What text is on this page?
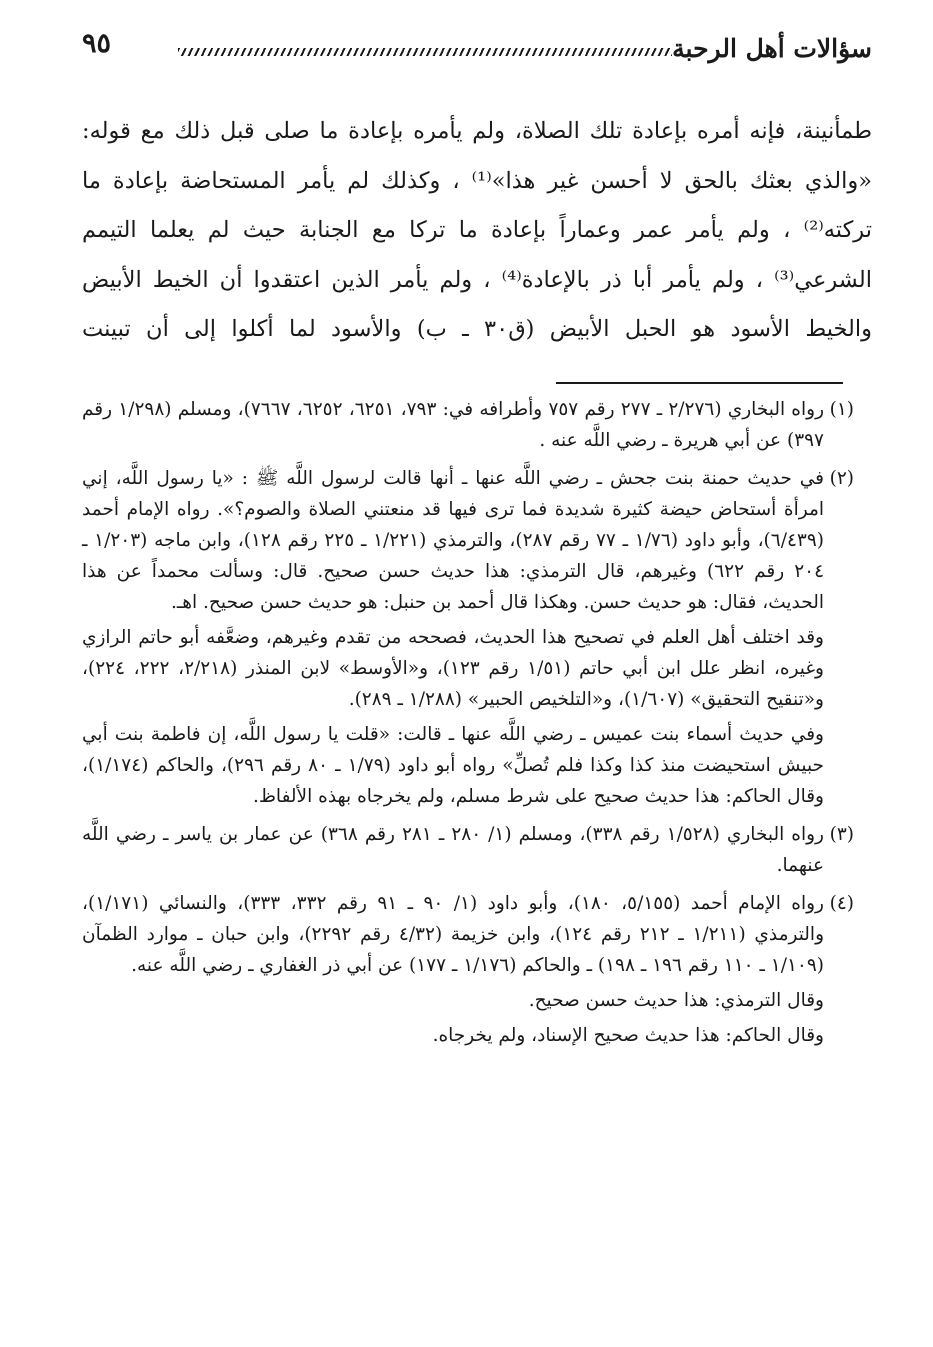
سؤالات أهل الرحبة
٩٥

طمأنينة، فإنه أمره بإعادة تلك الصلاة، ولم يأمره بإعادة ما صلى قبل ذلك مع قوله:

«والذي بعثك بالحق لا أحسن غير هذا»⁽¹⁾ ، وكذلك لم يأمر المستحاضة بإعادة ما

تركته⁽²⁾ ، ولم يأمر عمر وعماراً بإعادة ما تركا مع الجنابة حيث لم يعلما التيمم

الشرعي⁽³⁾ ، ولم يأمر أبا ذر بالإعادة⁽⁴⁾ ، ولم يأمر الذين اعتقدوا أن الخيط الأبيض

والخيط الأسود هو الحبل الأبيض (ق٣٠ ـ ب) والأسود لما أكلوا إلى أن تبينت

(١)

رواه البخاري (٢/٢٧٦ ـ ٢٧٧ رقم ٧٥٧ وأطرافه في: ٧٩٣، ٦٢٥١، ٦٢٥٢، ٧٦٦٧)، ومسلم (١/٢٩٨ رقم ٣٩٧) عن أبي هريرة ـ رضي اللَّه عنه .

(٢)

في حديث حمنة بنت جحش ـ رضي اللَّه عنها ـ أنها قالت لرسول اللَّه ﷺ : «يا رسول اللَّه، إني امرأة أستحاض حيضة كثيرة شديدة فما ترى فيها قد منعتني الصلاة والصوم؟». رواه الإمام أحمد (٦/٤٣٩)، وأبو داود (١/٧٦ ـ ٧٧ رقم ٢٨٧)، والترمذي (١/٢٢١ ـ ٢٢٥ رقم ١٢٨)، وابن ماجه (١/٢٠٣ ـ ٢٠٤ رقم ٦٢٢) وغيرهم، قال الترمذي: هذا حديث حسن صحيح. قال: وسألت محمداً عن هذا الحديث، فقال: هو حديث حسن. وهكذا قال أحمد بن حنبل: هو حديث حسن صحيح. اهـ.

وقد اختلف أهل العلم في تصحيح هذا الحديث، فصححه من تقدم وغيرهم، وضعَّفه أبو حاتم الرازي وغيره، انظر علل ابن أبي حاتم (١/٥١ رقم ١٢٣)، و«الأوسط» لابن المنذر (٢/٢١٨، ٢٢٢، ٢٢٤)، و«تنقيح التحقيق» (١/٦٠٧)، و«التلخيص الحبير» (١/٢٨٨ ـ ٢٨٩).

وفي حديث أسماء بنت عميس ـ رضي اللَّه عنها ـ قالت: «قلت يا رسول اللَّه، إن فاطمة بنت أبي حبيش استحيضت منذ كذا وكذا فلم تُصلِّ» رواه أبو داود (١/٧٩ ـ ٨٠ رقم ٢٩٦)، والحاكم (١/١٧٤)، وقال الحاكم: هذا حديث صحيح على شرط مسلم، ولم يخرجاه بهذه الألفاظ.

(٣)

رواه البخاري (١/٥٢٨ رقم ٣٣٨)، ومسلم (١/ ٢٨٠ ـ ٢٨١ رقم ٣٦٨) عن عمار بن ياسر ـ رضي اللَّه عنهما.

(٤)

رواه الإمام أحمد (٥/١٥٥، ١٨٠)، وأبو داود (١/ ٩٠ ـ ٩١ رقم ٣٣٢، ٣٣٣)، والنسائي (١/١٧١)، والترمذي (١/٢١١ ـ ٢١٢ رقم ١٢٤)، وابن خزيمة (٤/٣٢ رقم ٢٢٩٢)، وابن حبان ـ موارد الظمآن (١/١٠٩ ـ ١١٠ رقم ١٩٦ ـ ١٩٨) ـ والحاكم (١/١٧٦ ـ ١٧٧) عن أبي ذر الغفاري ـ رضي اللَّه عنه.

وقال الترمذي: هذا حديث حسن صحيح.

وقال الحاكم: هذا حديث صحيح الإسناد، ولم يخرجاه.
